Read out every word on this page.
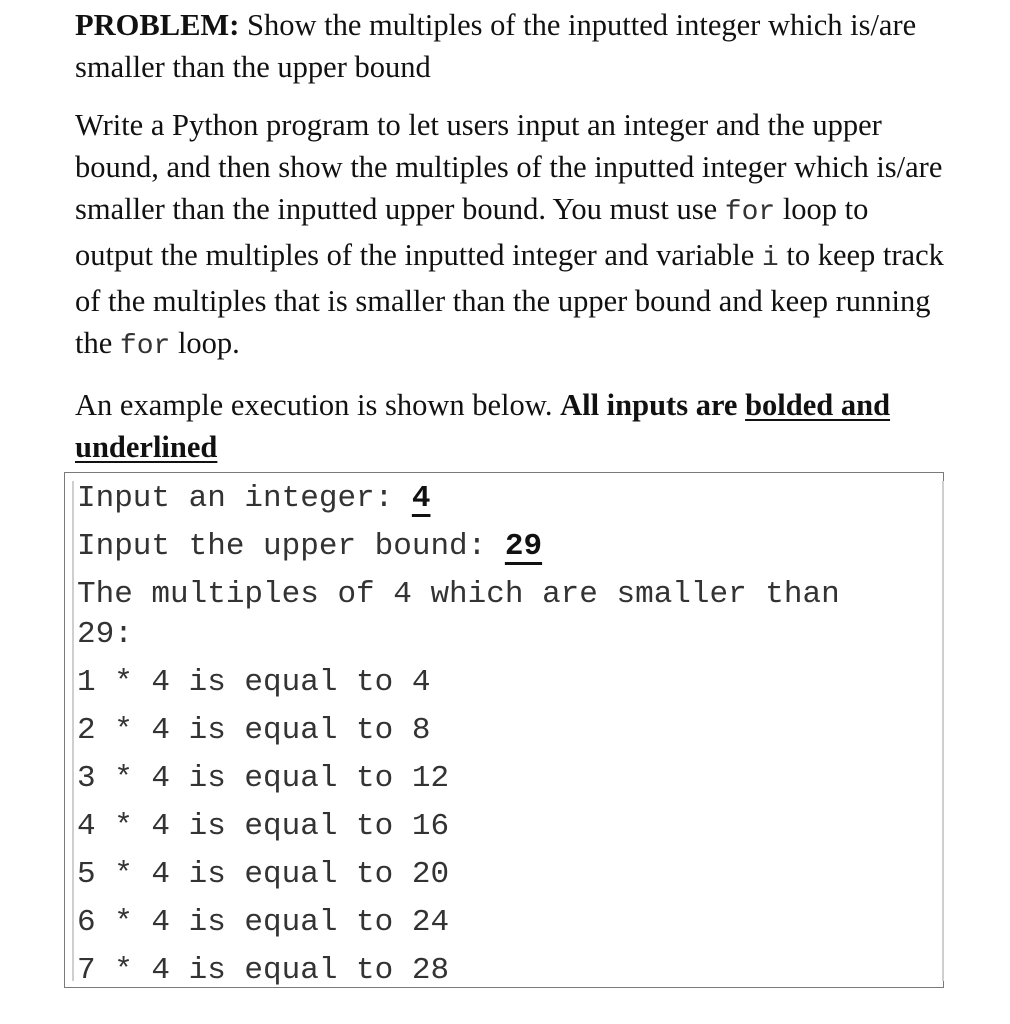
PROBLEM: Show the multiples of the inputted integer which is/are smaller than the upper bound

Write a Python program to let users input an integer and the upper bound, and then show the multiples of the inputted integer which is/are smaller than the inputted upper bound. You must use for loop to output the multiples of the inputted integer and variable i to keep track of the multiples that is smaller than the upper bound and keep running the for loop.

An example execution is shown below. All inputs are bolded and underlined

Input an integer: 4
Input the upper bound: 29
The multiples of 4 which are smaller than
29:
1 * 4 is equal to 4
2 * 4 is equal to 8
3 * 4 is equal to 12
4 * 4 is equal to 16
5 * 4 is equal to 20
6 * 4 is equal to 24
7 * 4 is equal to 28
